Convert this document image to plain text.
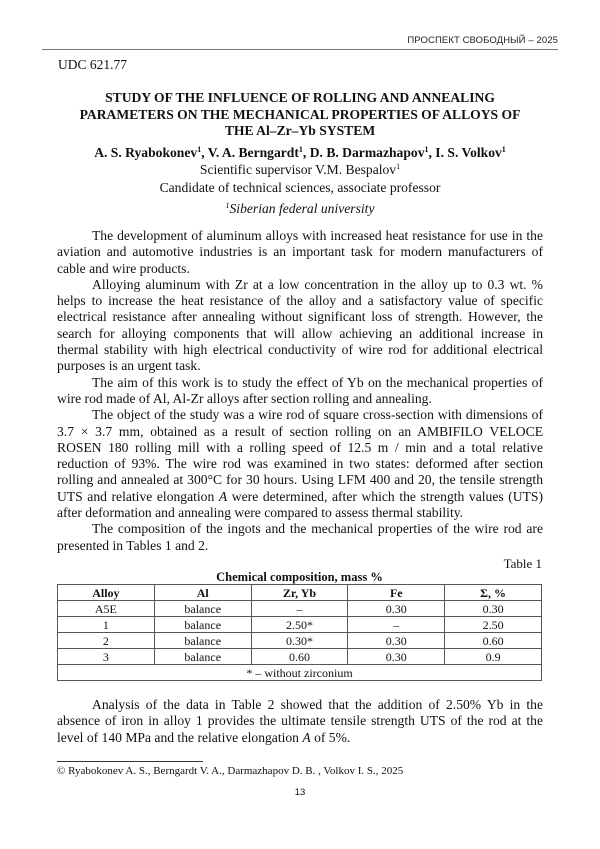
ПРОСПЕКТ СВОБОДНЫЙ – 2025
UDC 621.77
STUDY OF THE INFLUENCE OF ROLLING AND ANNEALING
PARAMETERS ON THE MECHANICAL PROPERTIES OF ALLOYS OF
THE Al–Zr–Yb SYSTEM
A. S. Ryabokonev$^1$, V. A. Berngardt$^1$, D. B. Darmazhapov$^1$, I. S. Volkov$^1$
Scientific supervisor V.M. Bespalov$^1$
Candidate of technical sciences, associate professor
$^1$Siberian federal university

The development of aluminum alloys with increased heat resistance for use in the aviation and automotive industries is an important task for modern manufacturers of cable and wire products.

Alloying aluminum with Zr at a low concentration in the alloy up to 0.3 wt. % helps to increase the heat resistance of the alloy and a satisfactory value of specific electrical resistance after annealing without significant loss of strength. However, the search for alloying components that will allow achieving an additional increase in thermal stability with high electrical conductivity of wire rod for additional electrical purposes is an urgent task.

The aim of this work is to study the effect of Yb on the mechanical properties of wire rod made of Al, Al-Zr alloys after section rolling and annealing.

The object of the study was a wire rod of square cross-section with dimensions of 3.7 × 3.7 mm, obtained as a result of section rolling on an AMBIFILO VELOCE ROSEN 180 rolling mill with a rolling speed of 12.5 m / min and a total relative reduction of 93%. The wire rod was examined in two states: deformed after section rolling and annealed at 300°C for 30 hours. Using LFM 400 and 20, the tensile strength UTS and relative elongation A were determined, after which the strength values (UTS) after deformation and annealing were compared to assess thermal stability.

The composition of the ingots and the mechanical properties of the wire rod are presented in Tables 1 and 2.

Table 1
Chemical composition, mass %
Alloy	Al	Zr, Yb	Fe	Σ, %
A5E	balance	–	0.30	0.30
1	balance	2.50*	–	2.50
2	balance	0.30*	0.30	0.60
3	balance	0.60	0.30	0.9
* – without zirconium				

Analysis of the data in Table 2 showed that the addition of 2.50% Yb in the absence of iron in alloy 1 provides the ultimate tensile strength UTS of the rod at the level of 140 MPa and the relative elongation A of 5%.

© Ryabokonev A. S., Berngardt V. A., Darmazhapov D. B. , Volkov I. S., 2025
13
